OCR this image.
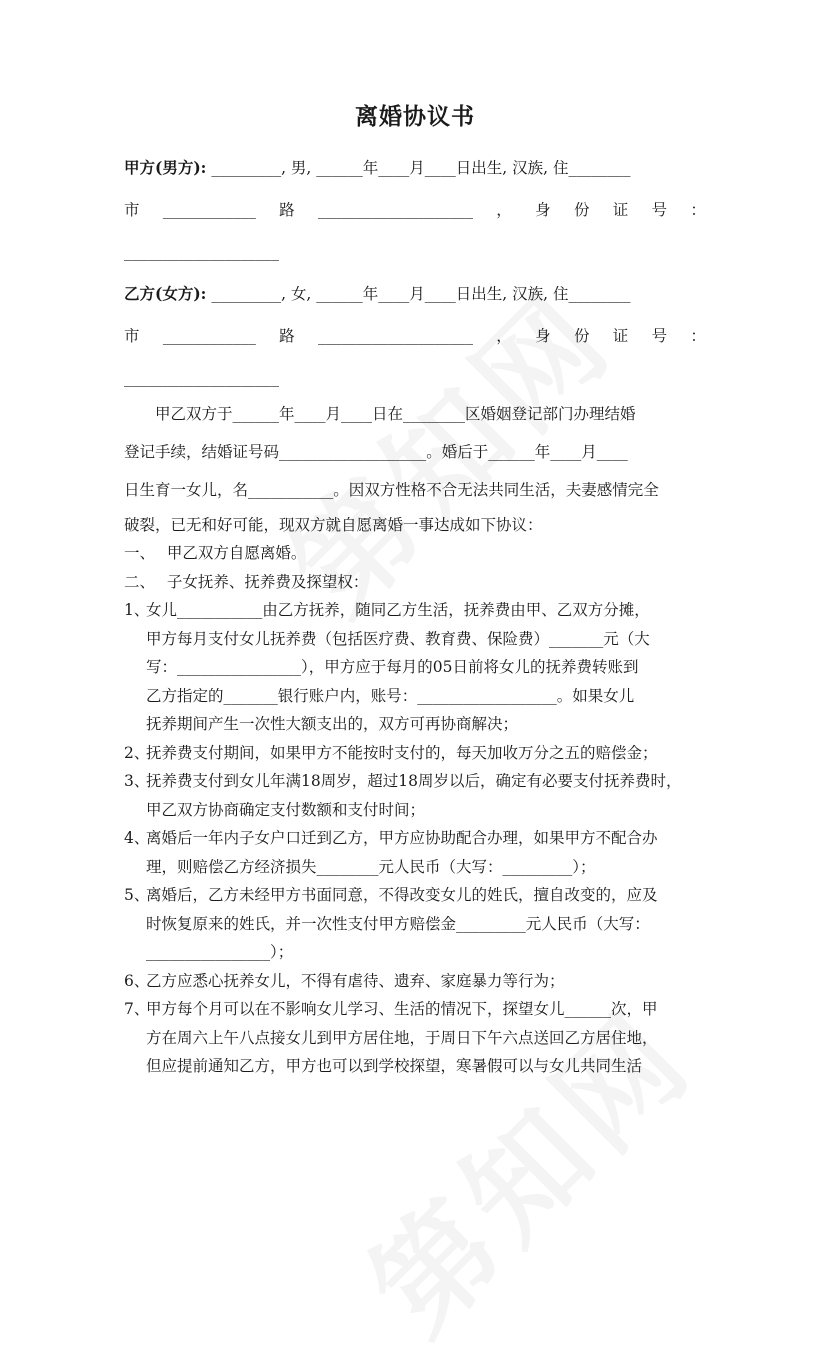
离婚协议书
甲方(男方): _________, 男, ______年____月____日出生, 汉族, 住________
市 ____________ 路 ____________________ ， 身 份 证 号 ：
____________________
乙方(女方): _________, 女, ______年____月____日出生, 汉族, 住________
市 ____________ 路 ____________________ ， 身 份 证 号 ：
____________________
　　甲乙双方于______年____月____日在________区婚姻登记部门办理结婚
登记手续，结婚证号码___________________。婚后于______年____月____
日生育一女儿，名___________。因双方性格不合无法共同生活，夫妻感情完全
破裂，已无和好可能，现双方就自愿离婚一事达成如下协议：
一、 甲乙双方自愿离婚。
二、 子女抚养、抚养费及探望权：
1、女儿___________由乙方抚养，随同乙方生活，抚养费由甲、乙双方分摊，
甲方每月支付女儿抚养费（包括医疗费、教育费、保险费）_______元（大
写：________________），甲方应于每月的05日前将女儿的抚养费转账到
乙方指定的_______银行账户内，账号：__________________。如果女儿
抚养期间产生一次性大额支出的，双方可再协商解决；
2、抚养费支付期间，如果甲方不能按时支付的，每天加收万分之五的赔偿金；
3、抚养费支付到女儿年满18周岁，超过18周岁以后，确定有必要支付抚养费时，
甲乙双方协商确定支付数额和支付时间；
4、离婚后一年内子女户口迁到乙方，甲方应协助配合办理，如果甲方不配合办
理，则赔偿乙方经济损失________元人民币（大写：_________）；
5、离婚后，乙方未经甲方书面同意，不得改变女儿的姓氏，擅自改变的，应及
时恢复原来的姓氏，并一次性支付甲方赔偿金_________元人民币（大写：
________________）；
6、乙方应悉心抚养女儿，不得有虐待、遗弃、家庭暴力等行为；
7、甲方每个月可以在不影响女儿学习、生活的情况下，探望女儿______次，甲
方在周六上午八点接女儿到甲方居住地，于周日下午六点送回乙方居住地，
但应提前通知乙方，甲方也可以到学校探望，寒暑假可以与女儿共同生活
